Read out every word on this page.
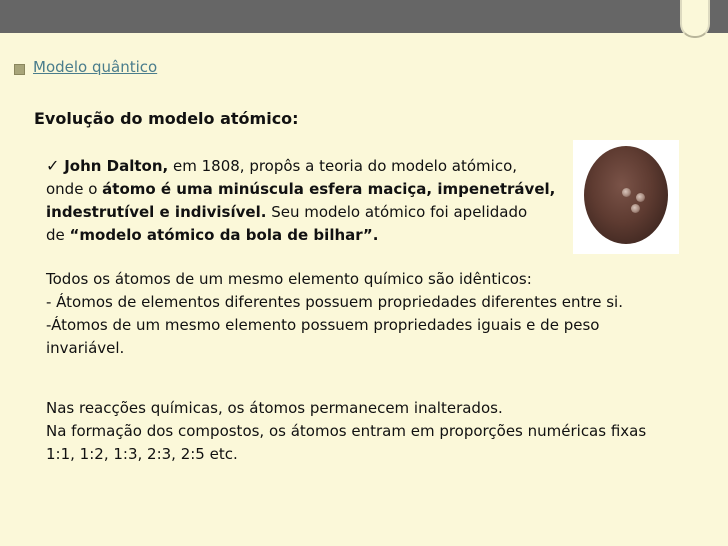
Modelo quântico
Evolução do modelo atómico:
✓ John Dalton, em 1808, propôs a teoria do modelo atómico,
onde o átomo é uma minúscula esfera maciça, impenetrável,
indestrutível e indivisível. Seu modelo atómico foi apelidado
de “modelo atómico da bola de bilhar”.
Todos os átomos de um mesmo elemento químico são idênticos:
- Átomos de elementos diferentes possuem propriedades diferentes entre si.
-Átomos de um mesmo elemento possuem propriedades iguais e de peso
invariável.
Nas reacções químicas, os átomos permanecem inalterados.
Na formação dos compostos, os átomos entram em proporções numéricas fixas
1:1, 1:2, 1:3, 2:3, 2:5 etc.
